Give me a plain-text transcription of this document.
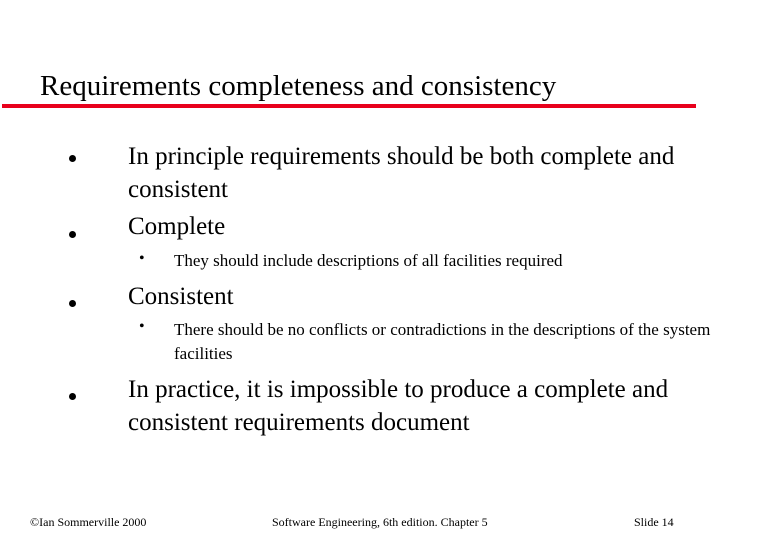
Requirements completeness and consistency
In principle requirements should be both complete and consistent
Complete
• They should include descriptions of all facilities required
Consistent
• There should be no conflicts or contradictions in the descriptions of the system facilities
In practice, it is impossible to produce a complete and consistent requirements document
©Ian Sommerville 2000	Software Engineering, 6th edition. Chapter 5	Slide 14
